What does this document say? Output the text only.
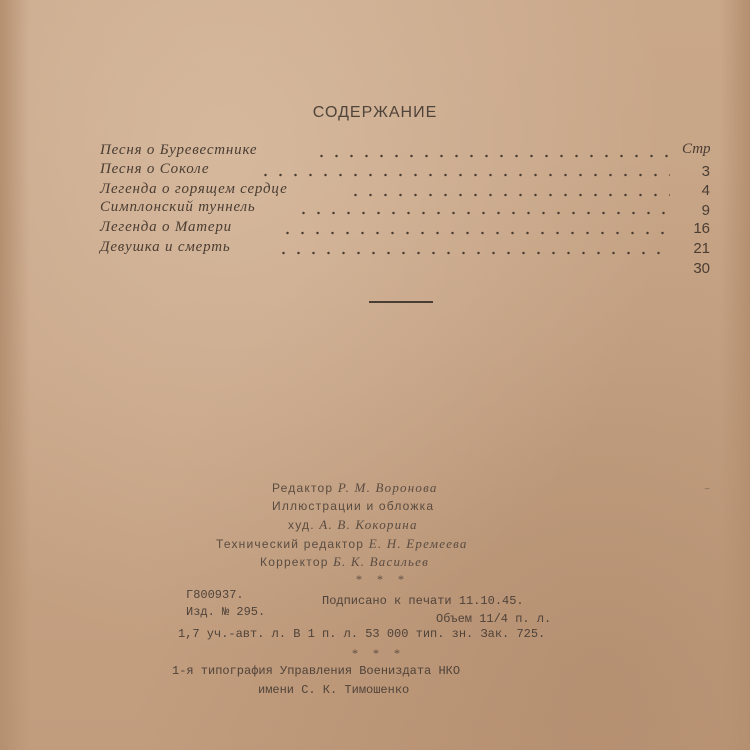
СОДЕРЖАНИЕ
Стр
Песня о Буревестнике
3
Песня о Соколе
4
Легенда о горящем сердце
9
Симплонский туннель
16
Легенда о Матери
21
Девушка и смерть
30
Редактор Р. М. Воронова
Иллюстрации и обложка
худ. А. В. Кокорина
Технический редактор Е. Н. Еремеева
Корректор Б. К. Васильев
* * *
Г800937.	Подписано к печати 11.10.45.
Изд. № 295.	Объем 11/4 п. л.
1,7 уч.-авт. л. В 1 п. л. 53 000 тип. зн. Зак. 725.
* * *
1-я типография Управления Воениздата НКО
имени С. К. Тимошенко
⁻
